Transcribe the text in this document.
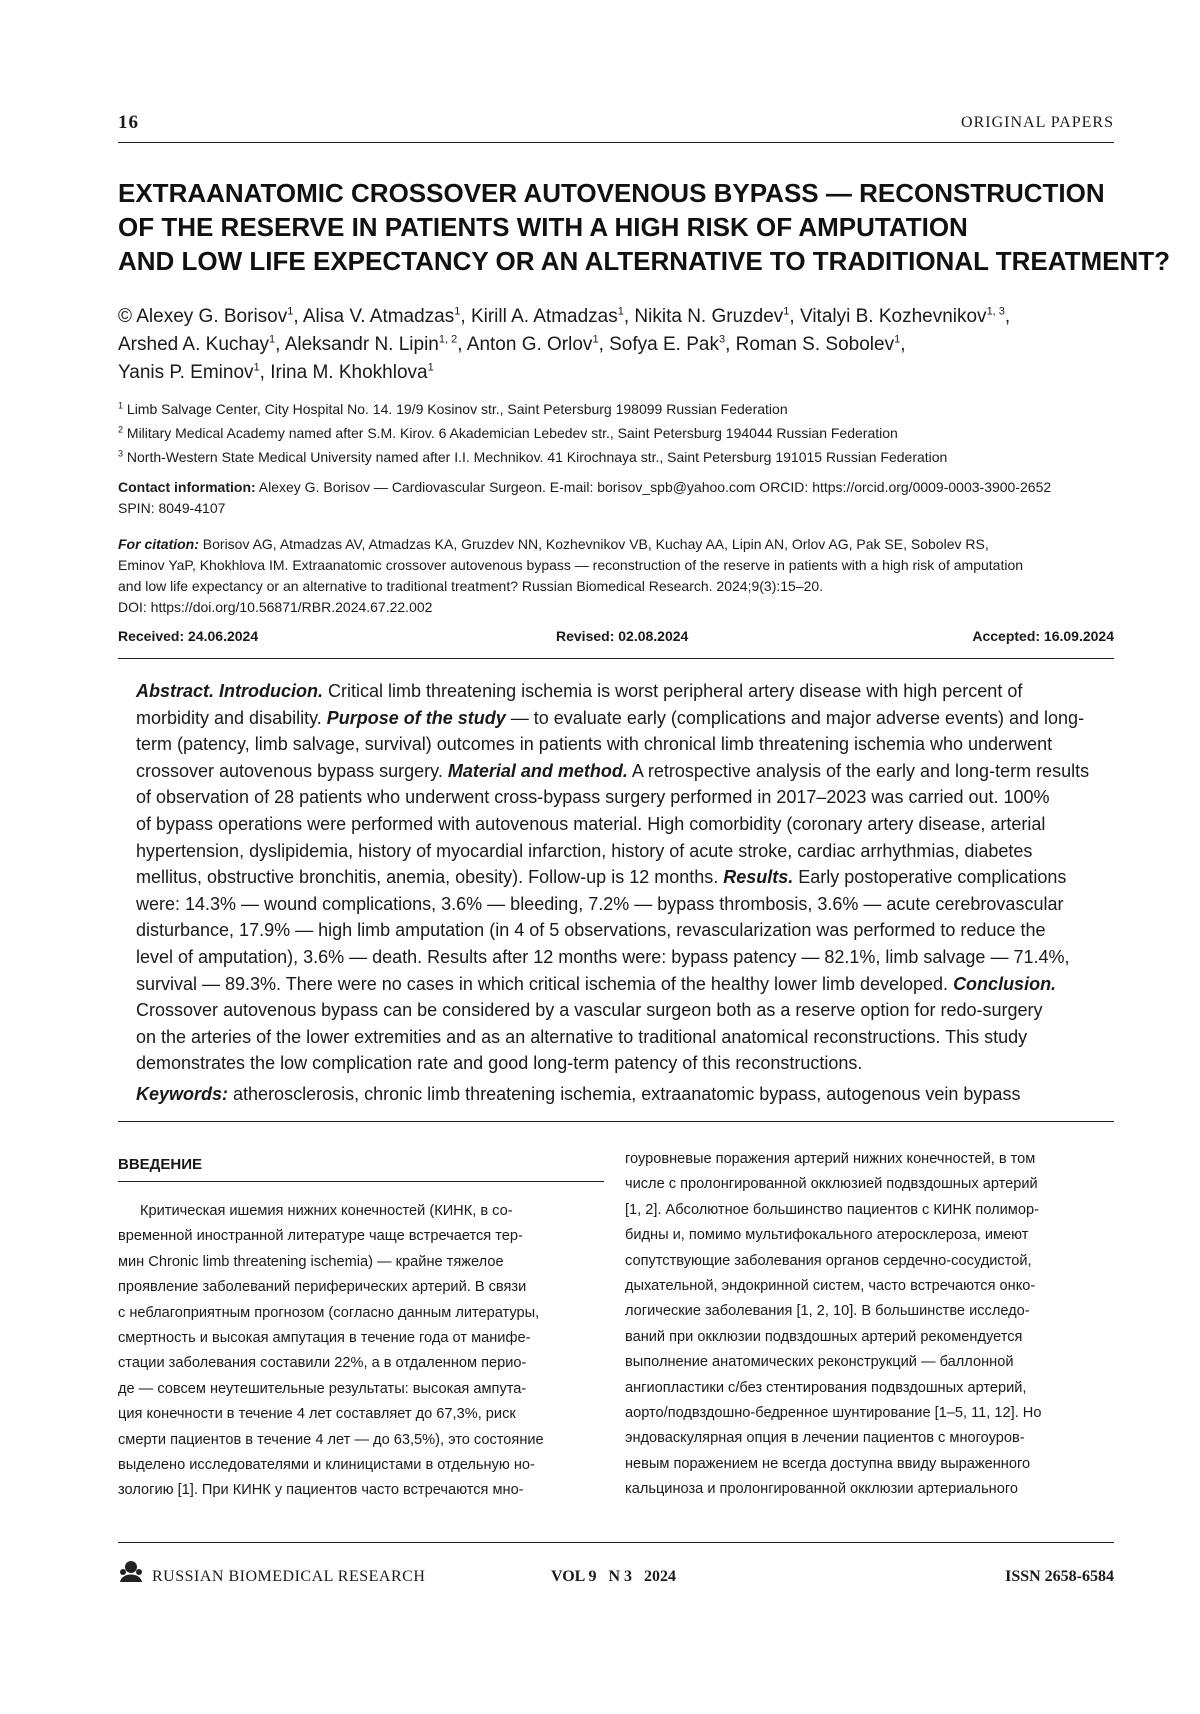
16	ORIGINAL PAPERS
EXTRAANATOMIC CROSSOVER AUTOVENOUS BYPASS — RECONSTRUCTION
OF THE RESERVE IN PATIENTS WITH A HIGH RISK OF AMPUTATION
AND LOW LIFE EXPECTANCY OR AN ALTERNATIVE TO TRADITIONAL TREATMENT?
© Alexey G. Borisov$^1$, Alisa V. Atmadzas$^1$, Kirill A. Atmadzas$^1$, Nikita N. Gruzdev$^1$, Vitalyi B. Kozhevnikov$^{1, 3}$,
Arshed A. Kuchay$^1$, Aleksandr N. Lipin$^{1, 2}$, Anton G. Orlov$^1$, Sofya E. Pak$^3$, Roman S. Sobolev$^1$,
Yanis P. Eminov$^1$, Irina M. Khokhlova$^1$
$^1$ Limb Salvage Center, City Hospital No. 14. 19/9 Kosinov str., Saint Petersburg 198099 Russian Federation
$^2$ Military Medical Academy named after S.M. Kirov. 6 Akademician Lebedev str., Saint Petersburg 194044 Russian Federation
$^3$ North-Western State Medical University named after I.I. Mechnikov. 41 Kirochnaya str., Saint Petersburg 191015 Russian Federation
Contact information: Alexey G. Borisov — Cardiovascular Surgeon. E-mail: borisov_spb@yahoo.com ORCID: https://orcid.org/0009-0003-3900-2652
SPIN: 8049-4107
For citation: Borisov AG, Atmadzas AV, Atmadzas KA, Gruzdev NN, Kozhevnikov VB, Kuchay AA, Lipin AN, Orlov AG, Pak SE, Sobolev RS,
Eminov YaP, Khokhlova IM. Extraanatomic crossover autovenous bypass — reconstruction of the reserve in patients with a high risk of amputation
and low life expectancy or an alternative to traditional treatment? Russian Biomedical Research. 2024;9(3):15–20.
DOI: https://doi.org/10.56871/RBR.2024.67.22.002
Received: 24.06.2024	Revised: 02.08.2024	Accepted: 16.09.2024
Abstract. Introducion. Critical limb threatening ischemia is worst peripheral artery disease with high percent of
morbidity and disability. Purpose of the study — to evaluate early (complications and major adverse events) and long-
term (patency, limb salvage, survival) outcomes in patients with chronical limb threatening ischemia who underwent
crossover autovenous bypass surgery. Material and method. A retrospective analysis of the early and long-term results
of observation of 28 patients who underwent cross-bypass surgery performed in 2017–2023 was carried out. 100%
of bypass operations were performed with autovenous material. High comorbidity (coronary artery disease, arterial
hypertension, dyslipidemia, history of myocardial infarction, history of acute stroke, cardiac arrhythmias, diabetes
mellitus, obstructive bronchitis, anemia, obesity). Follow-up is 12 months. Results. Early postoperative complications
were: 14.3% — wound complications, 3.6% — bleeding, 7.2% — bypass thrombosis, 3.6% — acute cerebrovascular
disturbance, 17.9% — high limb amputation (in 4 of 5 observations, revascularization was performed to reduce the
level of amputation), 3.6% — death. Results after 12 months were: bypass patency — 82.1%, limb salvage — 71.4%,
survival — 89.3%. There were no cases in which critical ischemia of the healthy lower limb developed. Conclusion.
Crossover autovenous bypass can be considered by a vascular surgeon both as a reserve option for redo-surgery
on the arteries of the lower extremities and as an alternative to traditional anatomical reconstructions. This study
demonstrates the low complication rate and good long-term patency of this reconstructions.
Keywords: atherosclerosis, chronic limb threatening ischemia, extraanatomic bypass, autogenous vein bypass
ВВЕДЕНИЕ
Критическая ишемия нижних конечностей (КИНК, в со-
временной иностранной литературе чаще встречается тер-
мин Chronic limb threatening ischemia) — крайне тяжелое
проявление заболеваний периферических артерий. В связи
с неблагоприятным прогнозом (согласно данным литературы,
смертность и высокая ампутация в течение года от манифе-
стации заболевания составили 22%, а в отдаленном перио-
де — совсем неутешительные результаты: высокая ампута-
ция конечности в течение 4 лет составляет до 67,3%, риск
смерти пациентов в течение 4 лет — до 63,5%), это состояние
выделено исследователями и клиницистами в отдельную но-
зологию [1]. При КИНК у пациентов часто встречаются мно-
гоуровневые поражения артерий нижних конечностей, в том
числе с пролонгированной окклюзией подвздошных артерий
[1, 2]. Абсолютное большинство пациентов с КИНК полимор-
бидны и, помимо мультифокального атеросклероза, имеют
сопутствующие заболевания органов сердечно-сосудистой,
дыхательной, эндокринной систем, часто встречаются онко-
логические заболевания [1, 2, 10]. В большинстве исследо-
ваний при окклюзии подвздошных артерий рекомендуется
выполнение анатомических реконструкций — баллонной
ангиопластики с/без стентирования подвздошных артерий,
аорто/подвздошно-бедренное шунтирование [1–5, 11, 12]. Но
эндоваскулярная опция в лечении пациентов с многоуров-
невым поражением не всегда доступна ввиду выраженного
кальциноза и пролонгированной окклюзии артериального
RUSSIAN BIOMEDICAL RESEARCH	VOL 9   N 3   2024	ISSN 2658-6584
